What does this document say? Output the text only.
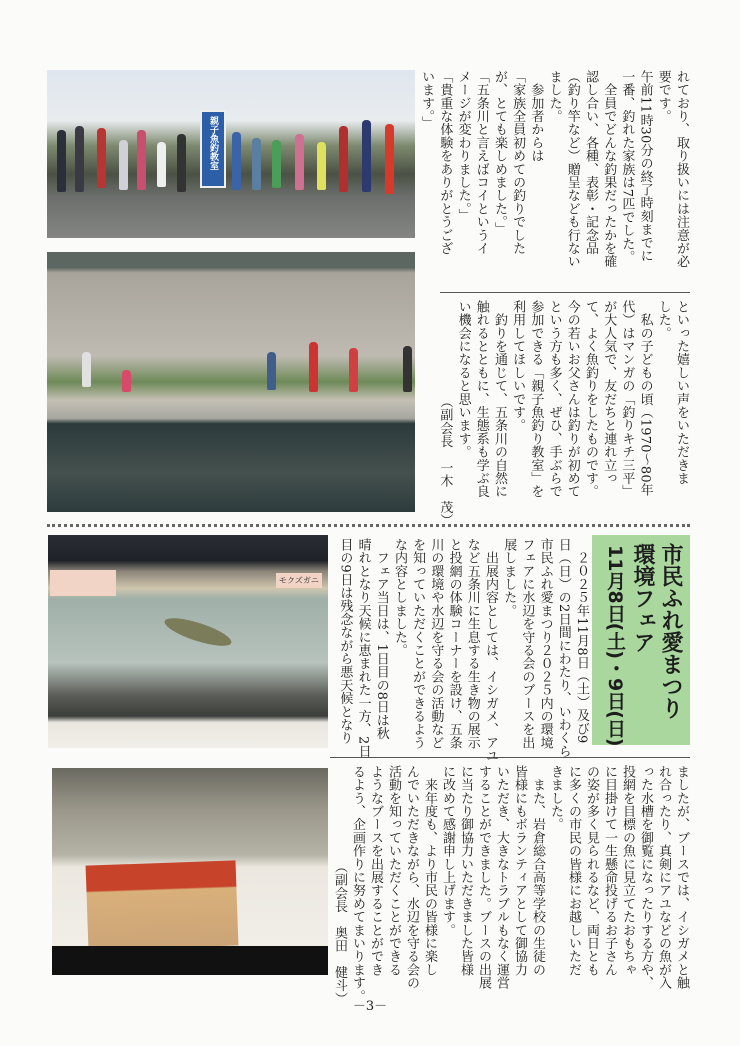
親子魚釣教室	れており、取り扱いには注意が必
要です。
午前11時30分の終了時刻までに
一番、釣れた家族は7匹でした。
　全員でどんな釣果だったかを確
認し合い、各種、表彰・記念品
（釣り竿など）贈呈なども行ない
ました。
　参加者からは
「家族全員初めての釣りでした
が、とても楽しめました。」
「五条川と言えばコイというイ
メージが変わりました。」
「貴重な体験をありがとうござ
います。」
といった嬉しい声をいただきま
した。
　私の子どもの頃（1970～80年
代）はマンガの「釣りキチ三平」
が大人気で、友だちと連れ立っ
て、よく魚釣りをしたものです。
今の若いお父さんは釣りが初めて
という方も多く、ぜひ、手ぶらで
参加できる「親子魚釣り教室」を
利用してほしいです。
　釣りを通じて、五条川の自然に
触れるとともに、生態系も学ぶ良
い機会になると思います。
（副会長　一木　茂）
市民ふれ愛まつり
環境フェア
11月8日(土)・9日(日)
モクズガニ	　２０２５年11月8日（土）及び9
日（日）の2日間にわたり、いわくら
市民ふれ愛まつり２０２５内の環境
フェアに水辺を守る会のブースを出
展しました。
　出展内容としては、イシガメ、アユ
など五条川に生息する生き物の展示
と投網の体験コーナーを設け、五条
川の環境や水辺を守る会の活動など
を知っていただくことができるよう
な内容としました。
　フェア当日は、1日目の8日は秋
晴れとなり天候に恵まれた一方、2日
目の9日は残念ながら悪天候となり
ましたが、ブースでは、イシガメと触
れ合ったり、真剣にアユなどの魚が入
った水槽を御覧になったりする方や、
投網を目標の魚に見立てたおもちゃ
に目掛けて一生懸命投げるお子さん
の姿が多く見られるなど、両日とも
に多くの市民の皆様にお越しいただ
きました。
　また、岩倉総合高等学校の生徒の
皆様にもボランティアとして御協力
いただき、大きなトラブルもなく運営
することができました。ブースの出展
に当たり御協力いただきました皆様
に改めて感謝申し上げます。
　来年度も、より市民の皆様に楽し
んでいただきながら、水辺を守る会の
活動を知っていただくことができる
ようなブースを出展することができ
るよう、企画作りに努めてまいります。
（副会長　奥田　健斗）
－3－
